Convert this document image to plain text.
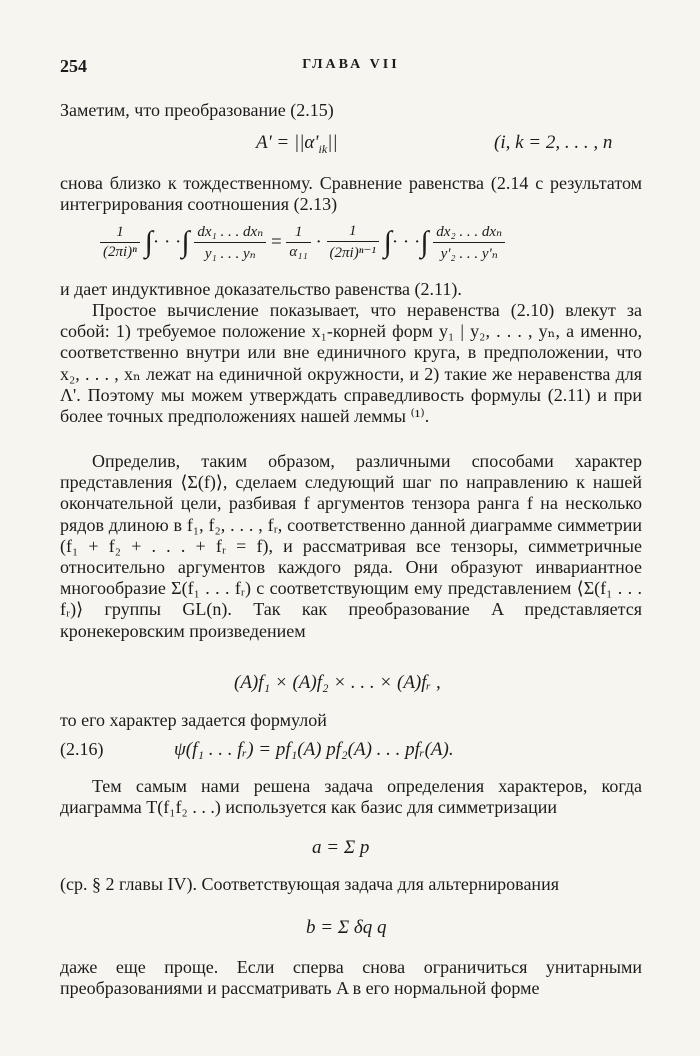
254	ГЛАВА VII
Заметим, что преобразование (2.15)
$A' = ||\alpha'_{ik}||$	(i, k = 2, . . . , n
снова близко к тождественному. Сравнение равенства (2.14 с результатом интегрирования соотношения (2.13)
$\frac{1}{\text{(2πi)ⁿ}}$ ∫· · ·∫ $\frac{\text{dx₁ . . . dxₙ}}{\text{y₁ . . . yₙ}} = \frac{1}{\text{α₁₁}} \cdot \frac{1}{\text{(2πi)ⁿ⁻¹}}$ ∫· · ·∫ $\frac{\text{dx₂ . . . dxₙ}}{\text{y'₂ . . . y'ₙ}}$
и дает индуктивное доказательство равенства (2.11).
Простое вычисление показывает, что неравенства (2.10) влекут за собой: 1) требуемое положение x₁-корней форм y₁ | y₂, . . . , yₙ, а именно, соответственно внутри или вне единичного круга, в предположении, что x₂, . . . , xₙ лежат на единичной окружности, и 2) такие же неравенства для Λ'. Поэтому мы можем утверждать справедливость формулы (2.11) и при более точных предположениях нашей леммы ⁽¹⁾.
Определив, таким образом, различными способами характер представления ⟨Σ(f)⟩, сделаем следующий шаг по направлению к нашей окончательной цели, разбивая f аргументов тензора ранга f на несколько рядов длиною в f₁, f₂, . . . , fᵣ, соответственно данной диаграмме симметрии (f₁ + f₂ + . . . + fᵣ = f), и рассматривая все тензоры, симметричные относительно аргументов каждого ряда. Они образуют инвариантное многообразие Σ(f₁ . . . fᵣ) с соответствующим ему представлением ⟨Σ(f₁ . . . fᵣ)⟩ группы GL(n). Так как преобразование A представляется кронекеровским произведением
(A)f₁ × (A)f₂ × . . . × (A)fᵣ ,
то его характер задается формулой
(2.16)	ψ(f₁ . . . fᵣ) = pf₁(A) pf₂(A) . . . pfᵣ(A).
Тем самым нами решена задача определения характеров, когда диаграмма T(f₁f₂ . . .) используется как базис для симметризации
a = Σ p
(ср. § 2 главы IV). Соответствующая задача для альтернирования
b = Σ δq q
даже еще проще. Если сперва снова ограничиться унитарными преобразованиями и рассматривать A в его нормальной форме
